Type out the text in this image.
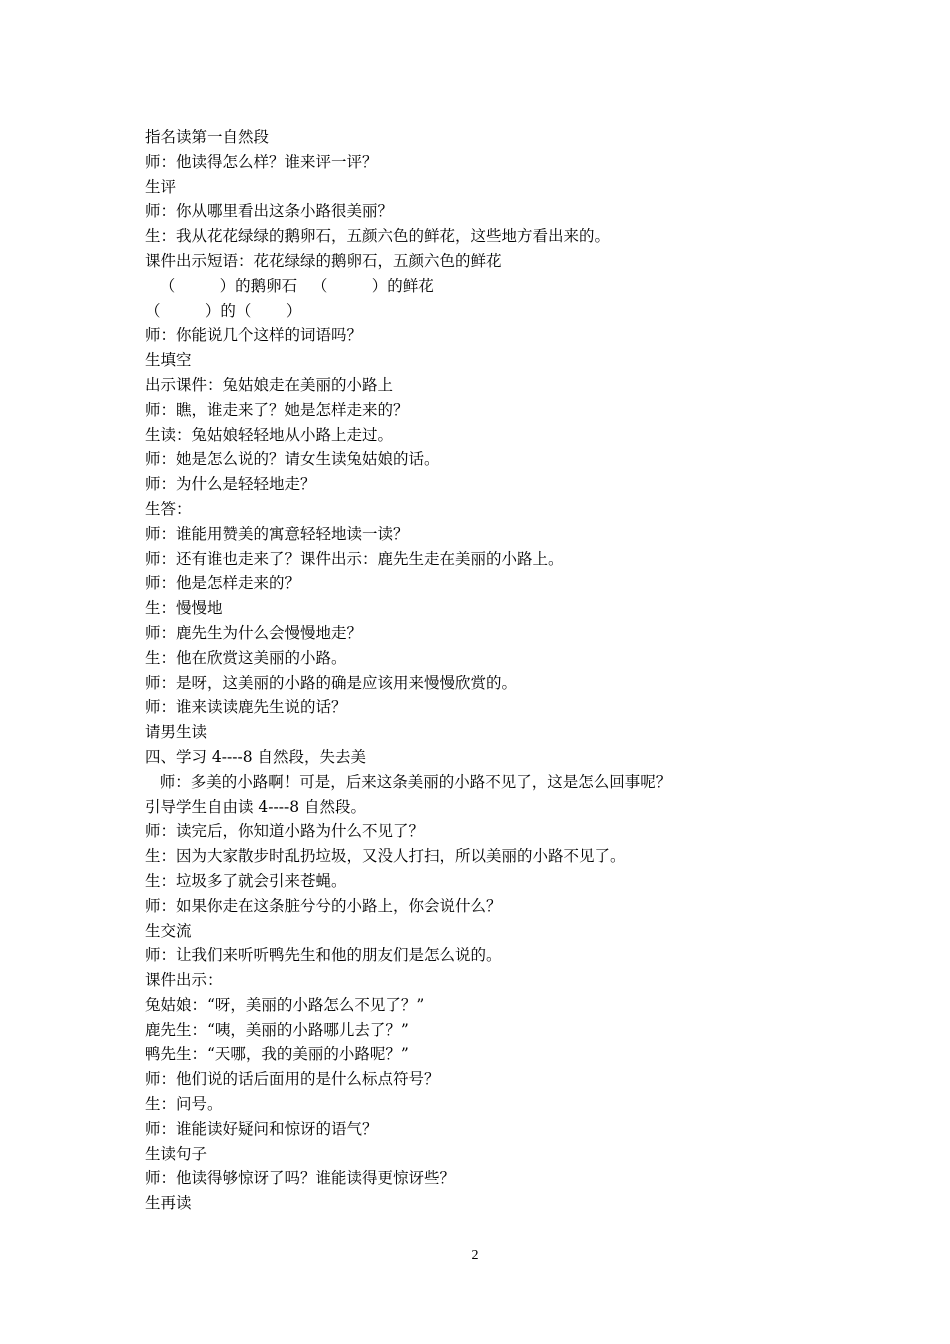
指名读第一自然段
师：他读得怎么样？谁来评一评？
生评
师：你从哪里看出这条小路很美丽？
生：我从花花绿绿的鹅卵石，五颜六色的鲜花，这些地方看出来的。
课件出示短语：花花绿绿的鹅卵石，五颜六色的鲜花
（         ）的鹅卵石   （         ）的鲜花
（         ）的（       ）
师：你能说几个这样的词语吗？
生填空
出示课件：兔姑娘走在美丽的小路上
师：瞧，谁走来了？她是怎样走来的？
生读：兔姑娘轻轻地从小路上走过。
师：她是怎么说的？请女生读兔姑娘的话。
师：为什么是轻轻地走？
生答：
师：谁能用赞美的寓意轻轻地读一读？
师：还有谁也走来了？课件出示：鹿先生走在美丽的小路上。
师：他是怎样走来的？
生：慢慢地
师：鹿先生为什么会慢慢地走？
生：他在欣赏这美丽的小路。
师：是呀，这美丽的小路的确是应该用来慢慢欣赏的。
师：谁来读读鹿先生说的话？
请男生读
四、学习 4----8 自然段，失去美
师：多美的小路啊！可是，后来这条美丽的小路不见了，这是怎么回事呢？
引导学生自由读 4----8 自然段。
师：读完后，你知道小路为什么不见了？
生：因为大家散步时乱扔垃圾，又没人打扫，所以美丽的小路不见了。
生：垃圾多了就会引来苍蝇。
师：如果你走在这条脏兮兮的小路上，你会说什么？
生交流
师：让我们来听听鸭先生和他的朋友们是怎么说的。
课件出示：
兔姑娘：“呀，美丽的小路怎么不见了？”
鹿先生：“咦，美丽的小路哪儿去了？”
鸭先生：“天哪，我的美丽的小路呢？”
师：他们说的话后面用的是什么标点符号？
生：问号。
师：谁能读好疑问和惊讶的语气？
生读句子
师：他读得够惊讶了吗？谁能读得更惊讶些？
生再读
2
